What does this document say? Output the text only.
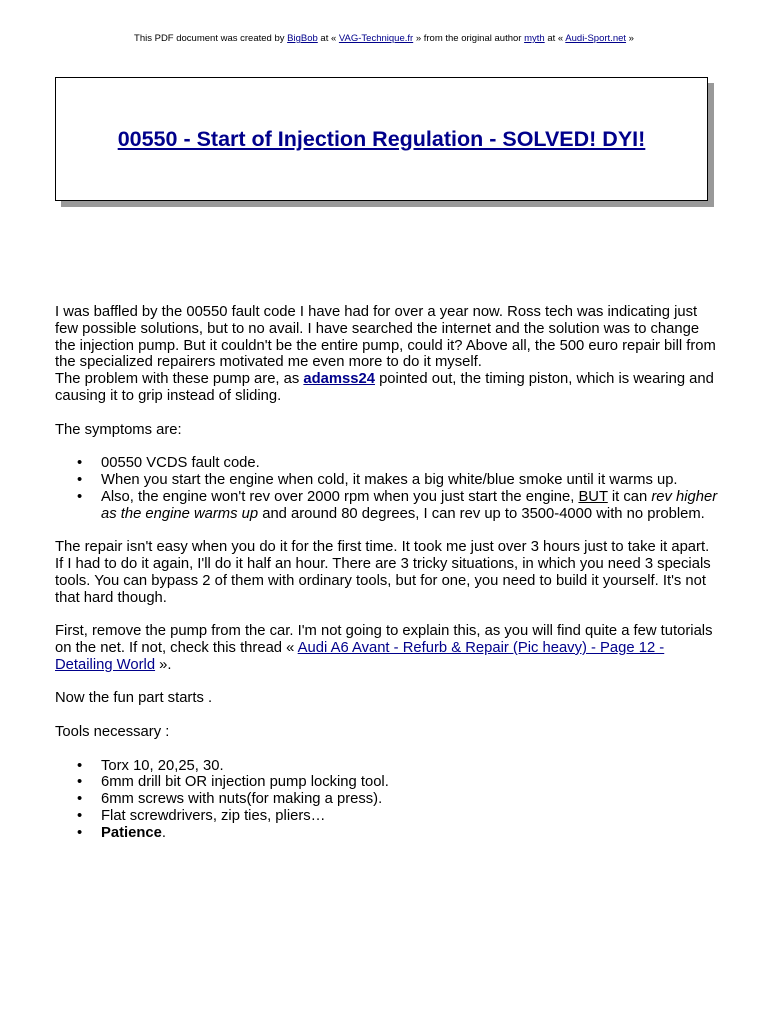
This PDF document was created by BigBob at « VAG-Technique.fr » from the original author myth at « Audi-Sport.net »
00550 - Start of Injection Regulation - SOLVED! DYI!

I was baffled by the 00550 fault code I have had for over a year now. Ross tech was indicating just few possible solutions, but to no avail. I have searched the internet and the solution was to change the injection pump. But it couldn't be the entire pump, could it? Above all, the 500 euro repair bill from the specialized repairers motivated me even more to do it myself.
The problem with these pump are, as adamss24 pointed out, the timing piston, which is wearing and causing it to grip instead of sliding.

The symptoms are:

• 00550 VCDS fault code.
• When you start the engine when cold, it makes a big white/blue smoke until it warms up.
• Also, the engine won't rev over 2000 rpm when you just start the engine, BUT it can rev higher as the engine warms up and around 80 degrees, I can rev up to 3500-4000 with no problem.

The repair isn't easy when you do it for the first time. It took me just over 3 hours just to take it apart. If I had to do it again, I'll do it half an hour. There are 3 tricky situations, in which you need 3 specials tools. You can bypass 2 of them with ordinary tools, but for one, you need to build it yourself. It's not that hard though.

First, remove the pump from the car. I'm not going to explain this, as you will find quite a few tutorials on the net. If not, check this thread « Audi A6 Avant - Refurb & Repair (Pic heavy) - Page 12 - Detailing World ».

Now the fun part starts .

Tools necessary :

• Torx 10, 20,25, 30.
• 6mm drill bit OR injection pump locking tool.
• 6mm screws with nuts(for making a press).
• Flat screwdrivers, zip ties, pliers…
• Patience.
